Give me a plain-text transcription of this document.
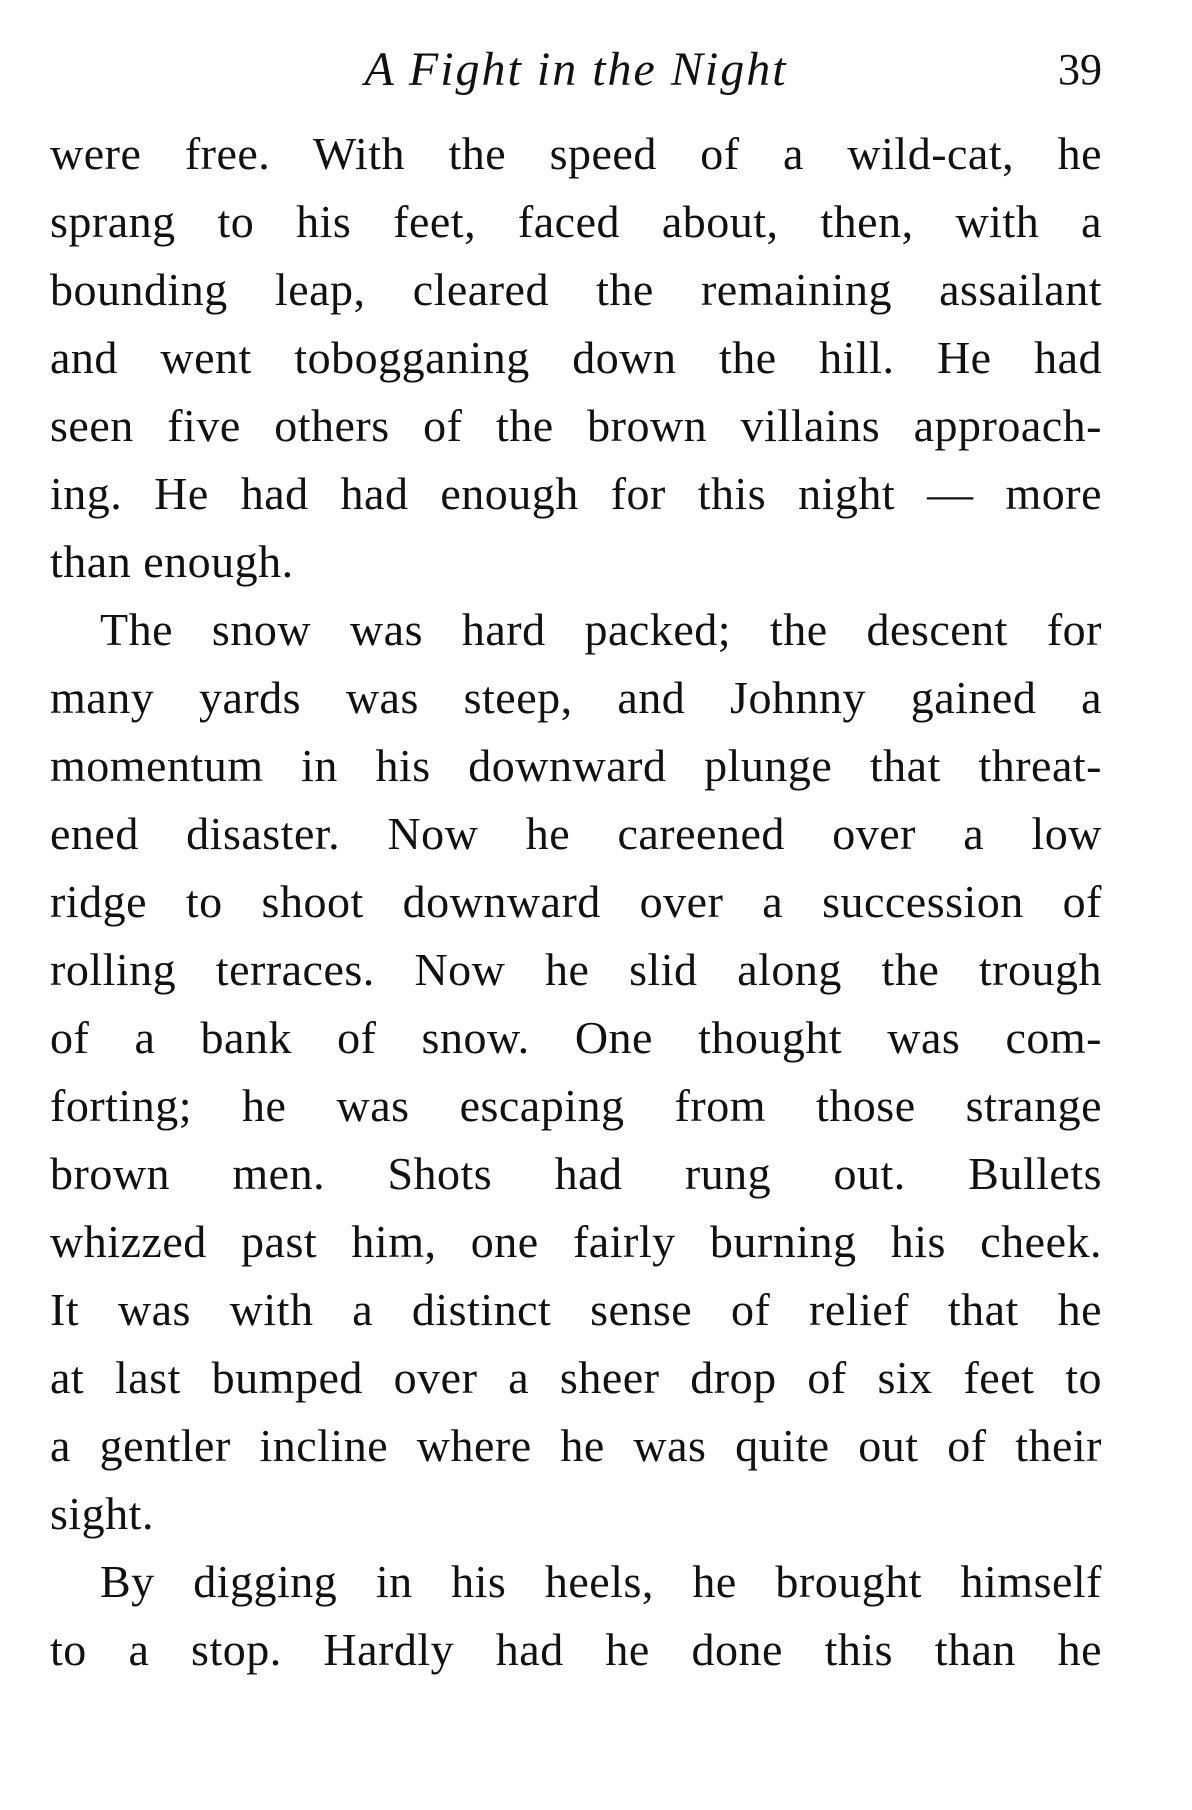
A Fight in the Night	39
were free. With the speed of a wild-cat, he
sprang to his feet, faced about, then, with a
bounding leap, cleared the remaining assailant
and went tobogganing down the hill. He had
seen five others of the brown villains approach-
ing. He had had enough for this night — more
than enough.
The snow was hard packed; the descent for
many yards was steep, and Johnny gained a
momentum in his downward plunge that threat-
ened disaster. Now he careened over a low
ridge to shoot downward over a succession of
rolling terraces. Now he slid along the trough
of a bank of snow. One thought was com-
forting; he was escaping from those strange
brown men. Shots had rung out. Bullets
whizzed past him, one fairly burning his cheek.
It was with a distinct sense of relief that he
at last bumped over a sheer drop of six feet to
a gentler incline where he was quite out of their
sight.
By digging in his heels, he brought himself
to a stop. Hardly had he done this than he
